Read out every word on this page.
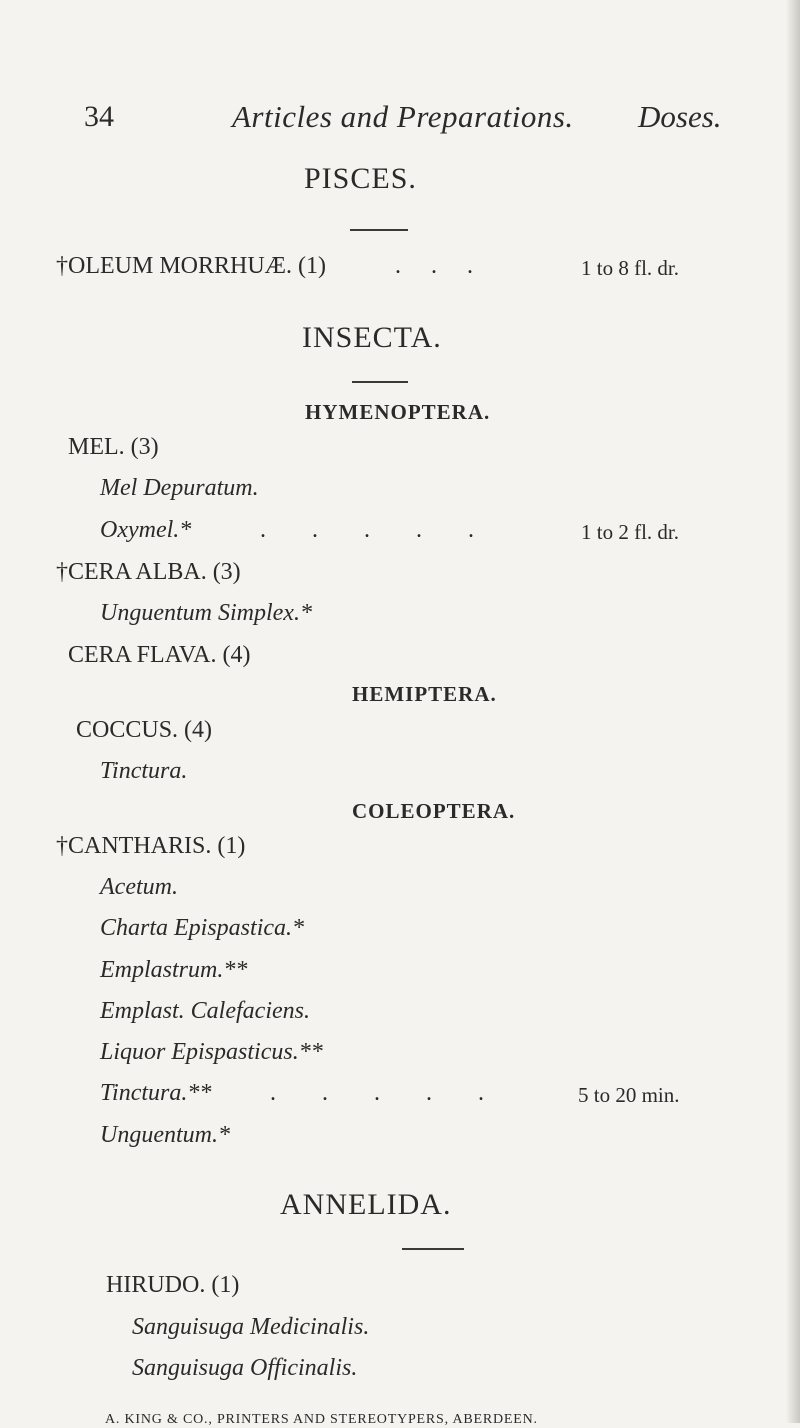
34	Articles and Preparations. Doses.
PISCES.
†OLEUM MORRHUÆ. (1)	. . .	1 to 8 fl. dr.
INSECTA.
HYMENOPTERA.
MEL. (3)
Mel Depuratum.
Oxymel.*	. . . . .	1 to 2 fl. dr.
†CERA ALBA. (3)
Unguentum Simplex.*
CERA FLAVA. (4)
HEMIPTERA.
COCCUS. (4)
Tinctura.
COLEOPTERA.
†CANTHARIS. (1)
Acetum.
Charta Epispastica.*
Emplastrum.**
Emplast. Calefaciens.
Liquor Epispasticus.**
Tinctura.** . . . . .	5 to 20 min.
Unguentum.*
ANNELIDA.
HIRUDO. (1)
Sanguisuga Medicinalis.
Sanguisuga Officinalis.
A. KING & CO., PRINTERS AND STEREOTYPERS, ABERDEEN.
